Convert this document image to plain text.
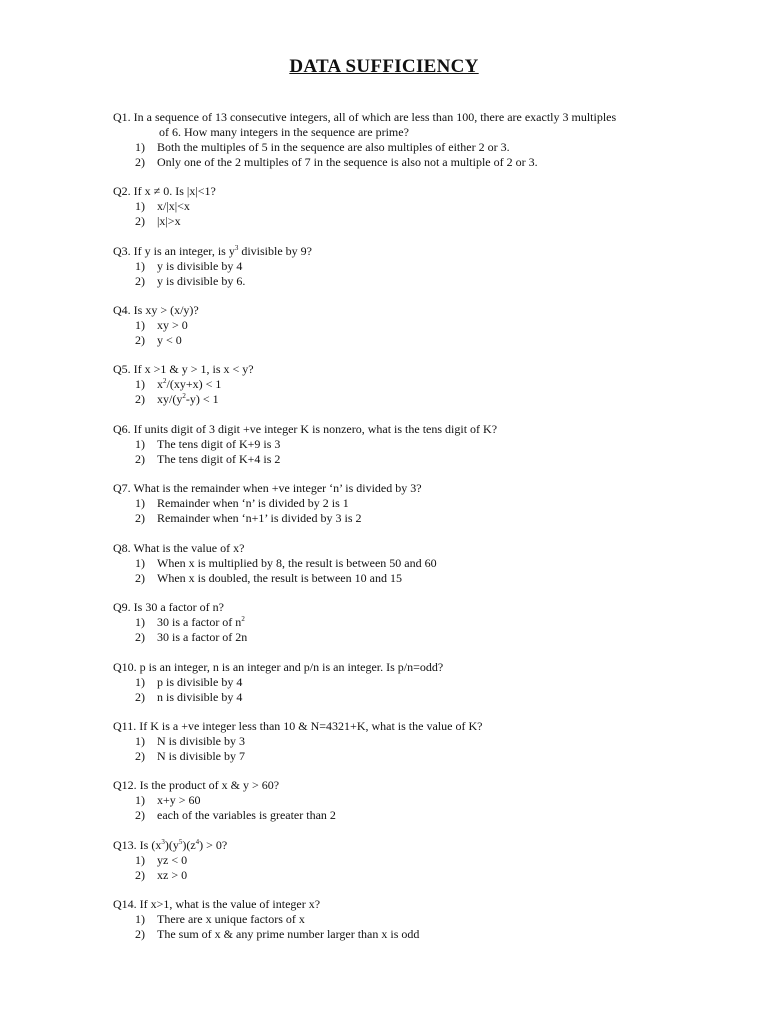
DATA SUFFICIENCY
Q1. In a sequence of 13 consecutive integers, all of which are less than 100, there are exactly 3 multiples
of 6. How many integers in the sequence are prime?
1) Both the multiples of 5 in the sequence are also multiples of either 2 or 3.
2) Only one of the 2 multiples of 7 in the sequence is also not a multiple of 2 or 3.
Q2. If x ≠ 0. Is |x|<1?
1) x/|x|<x
2) |x|>x
Q3. If y is an integer, is $y^3$ divisible by 9?
1) y is divisible by 4
2) y is divisible by 6.
Q4. Is xy > (x/y)?
1) xy > 0
2) y < 0
Q5. If x >1 & y > 1, is x < y?
1) $x^2/(xy+x) < 1$
2) $xy/(y^2-y) < 1$
Q6. If units digit of 3 digit +ve integer K is nonzero, what is the tens digit of K?
1) The tens digit of K+9 is 3
2) The tens digit of K+4 is 2
Q7. What is the remainder when +ve integer ‘n’ is divided by 3?
1) Remainder when ‘n’ is divided by 2 is 1
2) Remainder when ‘n+1’ is divided by 3 is 2
Q8. What is the value of x?
1) When x is multiplied by 8, the result is between 50 and 60
2) When x is doubled, the result is between 10 and 15
Q9. Is 30 a factor of n?
1) 30 is a factor of $n^2$
2) 30 is a factor of 2n
Q10. p is an integer, n is an integer and p/n is an integer. Is p/n=odd?
1) p is divisible by 4
2) n is divisible by 4
Q11. If K is a +ve integer less than 10 & N=4321+K, what is the value of K?
1) N is divisible by 3
2) N is divisible by 7
Q12. Is the product of x & y > 60?
1) x+y > 60
2) each of the variables is greater than 2
Q13. Is $(x^3)(y^5)(z^4) > 0$?
1) yz < 0
2) xz > 0
Q14. If x>1, what is the value of integer x?
1) There are x unique factors of x
2) The sum of x & any prime number larger than x is odd
